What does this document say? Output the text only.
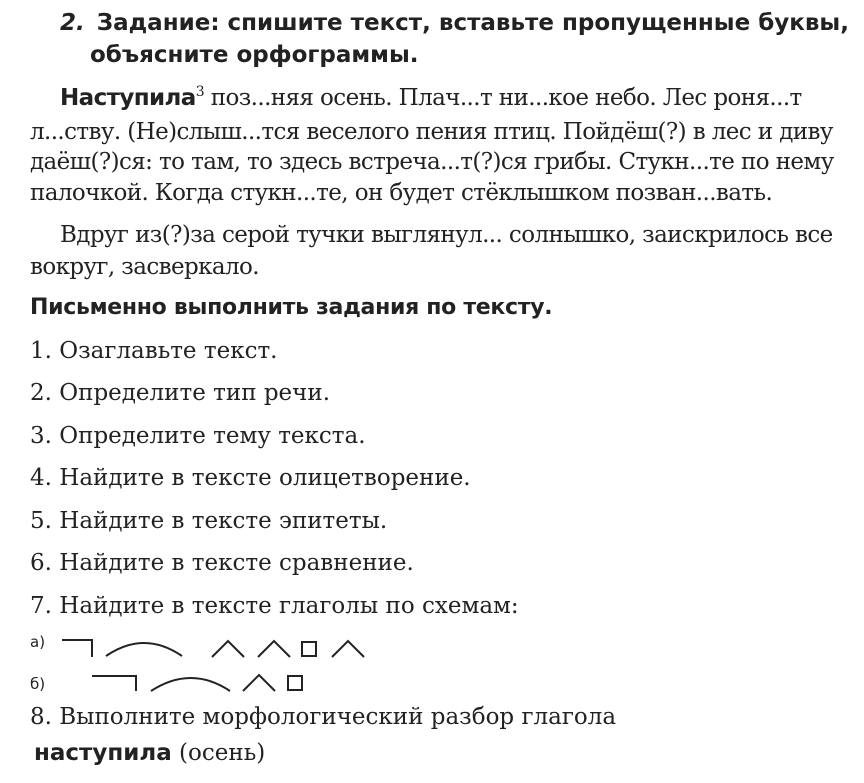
2. Задание: спишите текст, вставьте пропущенные буквы,
объясните орфограммы.
Наступила$^3$ поз...няя осень. Плач...т ни...кое небо. Лес роня...т
л...ству. (Не)слыш...тся веселого пения птиц. Пойдёш(?) в лес и диву
даёш(?)ся: то там, то здесь встреча...т(?)ся грибы. Стукн...те по нему
палочкой. Когда стукн...те, он будет стёклышком позван...вать.
Вдруг из(?)за серой тучки выглянул... солнышко, заискрилось все
вокруг, засверкало.
Письменно выполнить задания по тексту.
1. Озаглавьте текст.
2. Определите тип речи.
3. Определите тему текста.
4. Найдите в тексте олицетворение.
5. Найдите в тексте эпитеты.
6. Найдите в тексте сравнение.
7. Найдите в тексте глаголы по схемам:
а)
б)
8. Выполните морфологический разбор глагола
наступила (осень)
